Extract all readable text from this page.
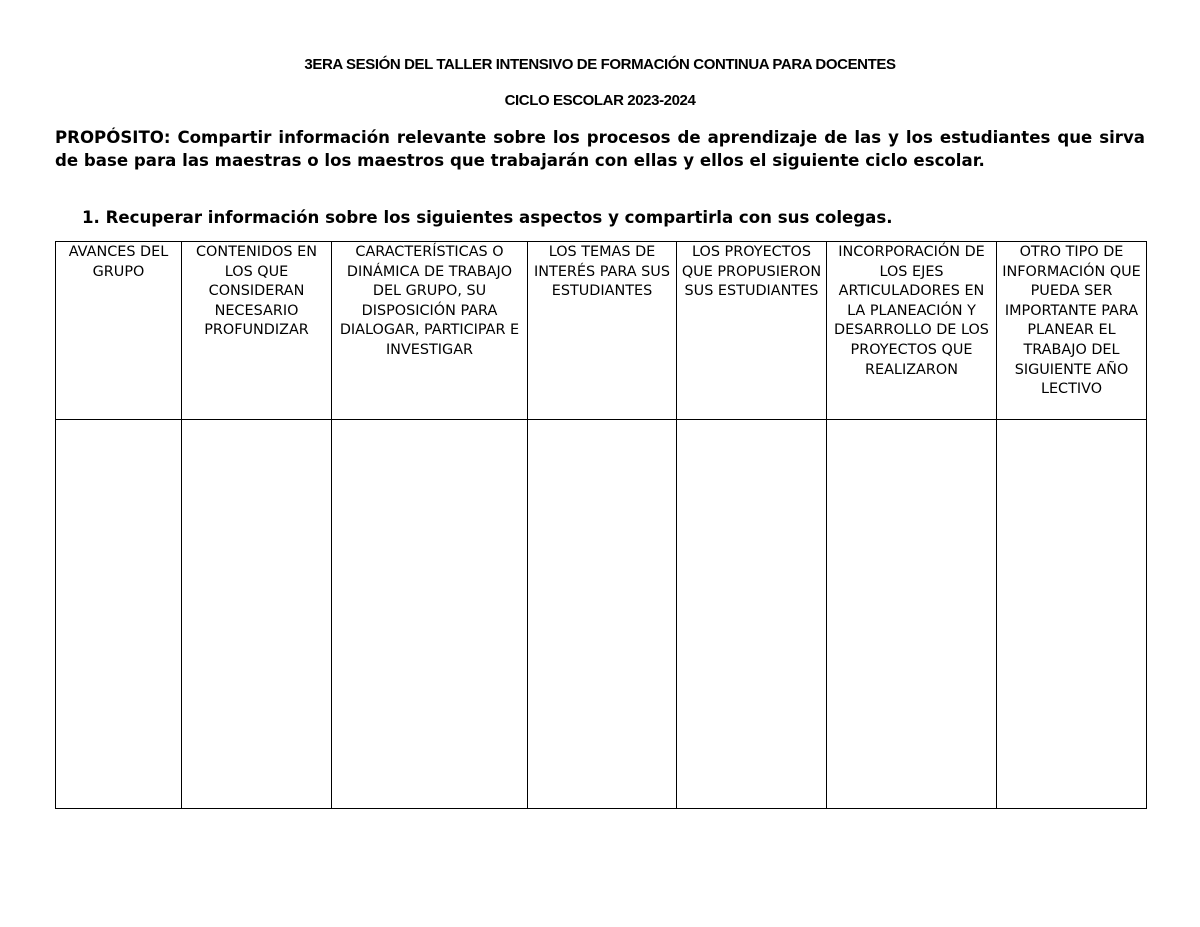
3ERA SESIÓN DEL TALLER INTENSIVO DE FORMACIÓN CONTINUA PARA DOCENTES
CICLO ESCOLAR 2023-2024
PROPÓSITO: Compartir información relevante sobre los procesos de aprendizaje de las y los estudiantes que sirva de base para las maestras o los maestros que trabajarán con ellas y ellos el siguiente ciclo escolar.
1. Recuperar información sobre los siguientes aspectos y compartirla con sus colegas.
AVANCES DEL GRUPO	CONTENIDOS EN LOS QUE CONSIDERAN NECESARIO PROFUNDIZAR	CARACTERÍSTICAS O DINÁMICA DE TRABAJO DEL GRUPO, SU DISPOSICIÓN PARA DIALOGAR, PARTICIPAR E INVESTIGAR	LOS TEMAS DE INTERÉS PARA SUS ESTUDIANTES	LOS PROYECTOS QUE PROPUSIERON SUS ESTUDIANTES	INCORPORACIÓN DE LOS EJES ARTICULADORES EN LA PLANEACIÓN Y DESARROLLO DE LOS PROYECTOS QUE REALIZARON	OTRO TIPO DE INFORMACIÓN QUE PUEDA SER IMPORTANTE PARA PLANEAR EL TRABAJO DEL SIGUIENTE AÑO LECTIVO
